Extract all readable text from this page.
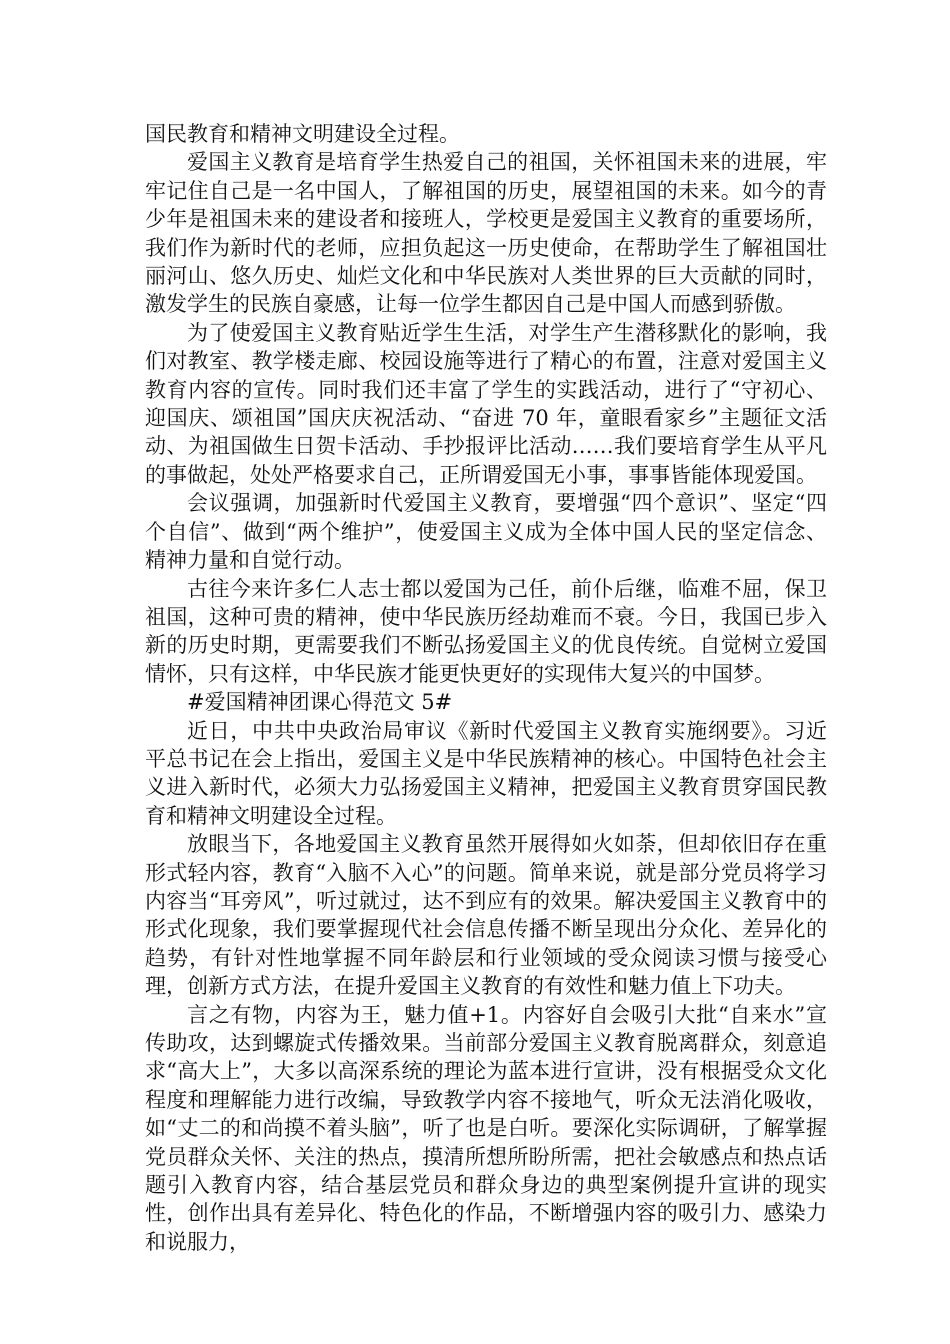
国民教育和精神文明建设全过程。

爱国主义教育是培育学生热爱自己的祖国，关怀祖国未来的进展，牢牢记住自己是一名中国人，了解祖国的历史，展望祖国的未来。如今的青少年是祖国未来的建设者和接班人，学校更是爱国主义教育的重要场所，我们作为新时代的老师，应担负起这一历史使命，在帮助学生了解祖国壮丽河山、悠久历史、灿烂文化和中华民族对人类世界的巨大贡献的同时，激发学生的民族自豪感，让每一位学生都因自己是中国人而感到骄傲。

为了使爱国主义教育贴近学生生活，对学生产生潜移默化的影响，我们对教室、教学楼走廊、校园设施等进行了精心的布置，注意对爱国主义教育内容的宣传。同时我们还丰富了学生的实践活动，进行了“守初心、迎国庆、颂祖国”国庆庆祝活动、“奋进 70 年，童眼看家乡”主题征文活动、为祖国做生日贺卡活动、手抄报评比活动……我们要培育学生从平凡的事做起，处处严格要求自己，正所谓爱国无小事，事事皆能体现爱国。

会议强调，加强新时代爱国主义教育，要增强“四个意识”、坚定“四个自信”、做到“两个维护”，使爱国主义成为全体中国人民的坚定信念、精神力量和自觉行动。

古往今来许多仁人志士都以爱国为己任，前仆后继，临难不屈，保卫祖国，这种可贵的精神，使中华民族历经劫难而不衰。今日，我国已步入新的历史时期，更需要我们不断弘扬爱国主义的优良传统。自觉树立爱国情怀，只有这样，中华民族才能更快更好的实现伟大复兴的中国梦。

#爱国精神团课心得范文 5#

近日，中共中央政治局审议《新时代爱国主义教育实施纲要》。习近平总书记在会上指出，爱国主义是中华民族精神的核心。中国特色社会主义进入新时代，必须大力弘扬爱国主义精神，把爱国主义教育贯穿国民教育和精神文明建设全过程。

放眼当下，各地爱国主义教育虽然开展得如火如荼，但却依旧存在重形式轻内容，教育“入脑不入心”的问题。简单来说，就是部分党员将学习内容当“耳旁风”，听过就过，达不到应有的效果。解决爱国主义教育中的形式化现象，我们要掌握现代社会信息传播不断呈现出分众化、差异化的趋势，有针对性地掌握不同年龄层和行业领域的受众阅读习惯与接受心理，创新方式方法，在提升爱国主义教育的有效性和魅力值上下功夫。

言之有物，内容为王，魅力值+1。内容好自会吸引大批“自来水”宣传助攻，达到螺旋式传播效果。当前部分爱国主义教育脱离群众，刻意追求“高大上”，大多以高深系统的理论为蓝本进行宣讲，没有根据受众文化程度和理解能力进行改编，导致教学内容不接地气，听众无法消化吸收，如“丈二的和尚摸不着头脑”，听了也是白听。要深化实际调研，了解掌握党员群众关怀、关注的热点，摸清所想所盼所需，把社会敏感点和热点话题引入教育内容，结合基层党员和群众身边的典型案例提升宣讲的现实性，创作出具有差异化、特色化的作品，不断增强内容的吸引力、感染力和说服力，
